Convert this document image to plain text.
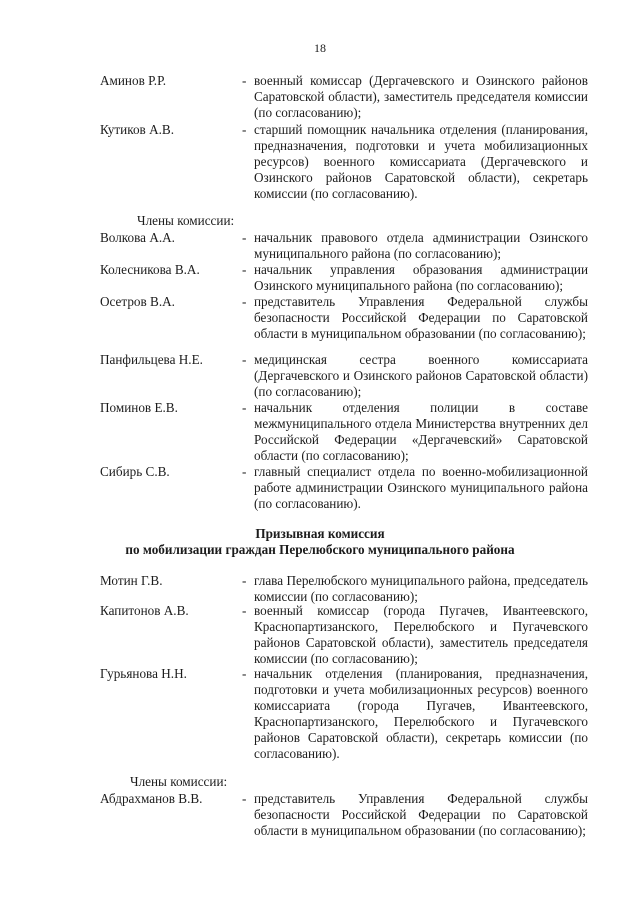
18
Аминов Р.Р.	- военный комиссар (Дергачевского и Озинского районов Саратовской области), заместитель председателя комиссии (по согласованию);
Кутиков А.В.	- старший помощник начальника отделения (планирования, предназначения, подготовки и учета мобилизационных ресурсов) военного комиссариата (Дергачевского и Озинского районов Саратовской области), секретарь комиссии (по согласованию).
Члены комиссии:
Волкова А.А.	- начальник правового отдела администрации Озинского муниципального района (по согласованию);
Колесникова В.А.	- начальник управления образования администрации Озинского муниципального района (по согласованию);
Осетров В.А.	- представитель Управления Федеральной службы безопасности Российской Федерации по Саратовской области в муниципальном образовании (по согласованию);
Панфильцева Н.Е.	- медицинская сестра военного комиссариата (Дергачевского и Озинского районов Саратовской области) (по согласованию);
Поминов Е.В.	- начальник отделения полиции в составе межмуниципального отдела Министерства внутренних дел Российской Федерации «Дергачевский» Саратовской области (по согласованию);
Сибирь С.В.	- главный специалист отдела по военно-мобилизационной работе администрации Озинского муниципального района (по согласованию).
Призывная комиссия
по мобилизации граждан Перелюбского муниципального района
Мотин Г.В.	- глава Перелюбского муниципального района, председатель комиссии (по согласованию);
Капитонов А.В.	- военный комиссар (города Пугачев, Ивантеевского, Краснопартизанского, Перелюбского и Пугачевского районов Саратовской области), заместитель председателя комиссии (по согласованию);
Гурьянова Н.Н.	- начальник отделения (планирования, предназначения, подготовки и учета мобилизационных ресурсов) военного комиссариата (города Пугачев, Ивантеевского, Краснопартизанского, Перелюбского и Пугачевского районов Саратовской области), секретарь комиссии (по согласованию).
Члены комиссии:
Абдрахманов В.В.	- представитель Управления Федеральной службы безопасности Российской Федерации по Саратовской области в муниципальном образовании (по согласованию);
